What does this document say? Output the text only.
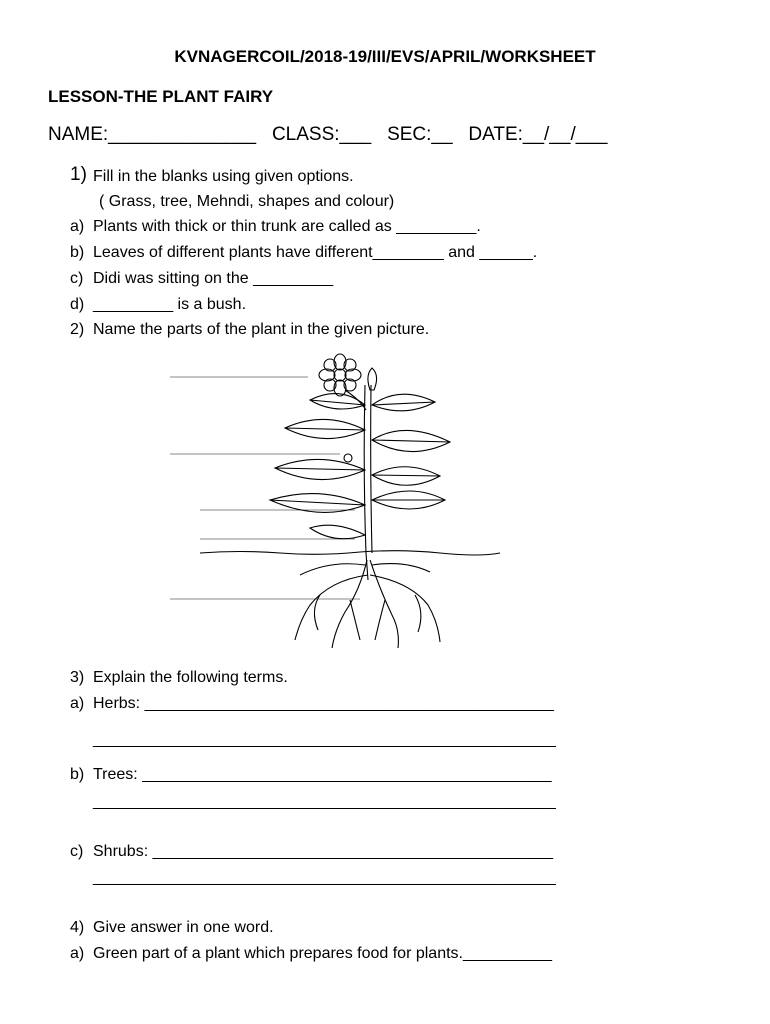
KVNAGERCOIL/2018-19/III/EVS/APRIL/WORKSHEET
LESSON-THE PLANT FAIRY
NAME:______________   CLASS:___   SEC:__   DATE:__/__/___
1) Fill in the blanks using given options.
( Grass, tree, Mehndi, shapes and colour)
a) Plants with thick or thin trunk are called as _________.
b) Leaves of different plants have different________ and ______.
c) Didi was sitting on the _________
d) _________ is a bush.
2) Name the parts of the plant in the given picture.
3) Explain the following terms.
a) Herbs: ______________________________________________
____________________________________________________
b) Trees: ______________________________________________
____________________________________________________
c) Shrubs: _____________________________________________
____________________________________________________
4) Give answer in one word.
a) Green part of a plant which prepares food for plants.__________
